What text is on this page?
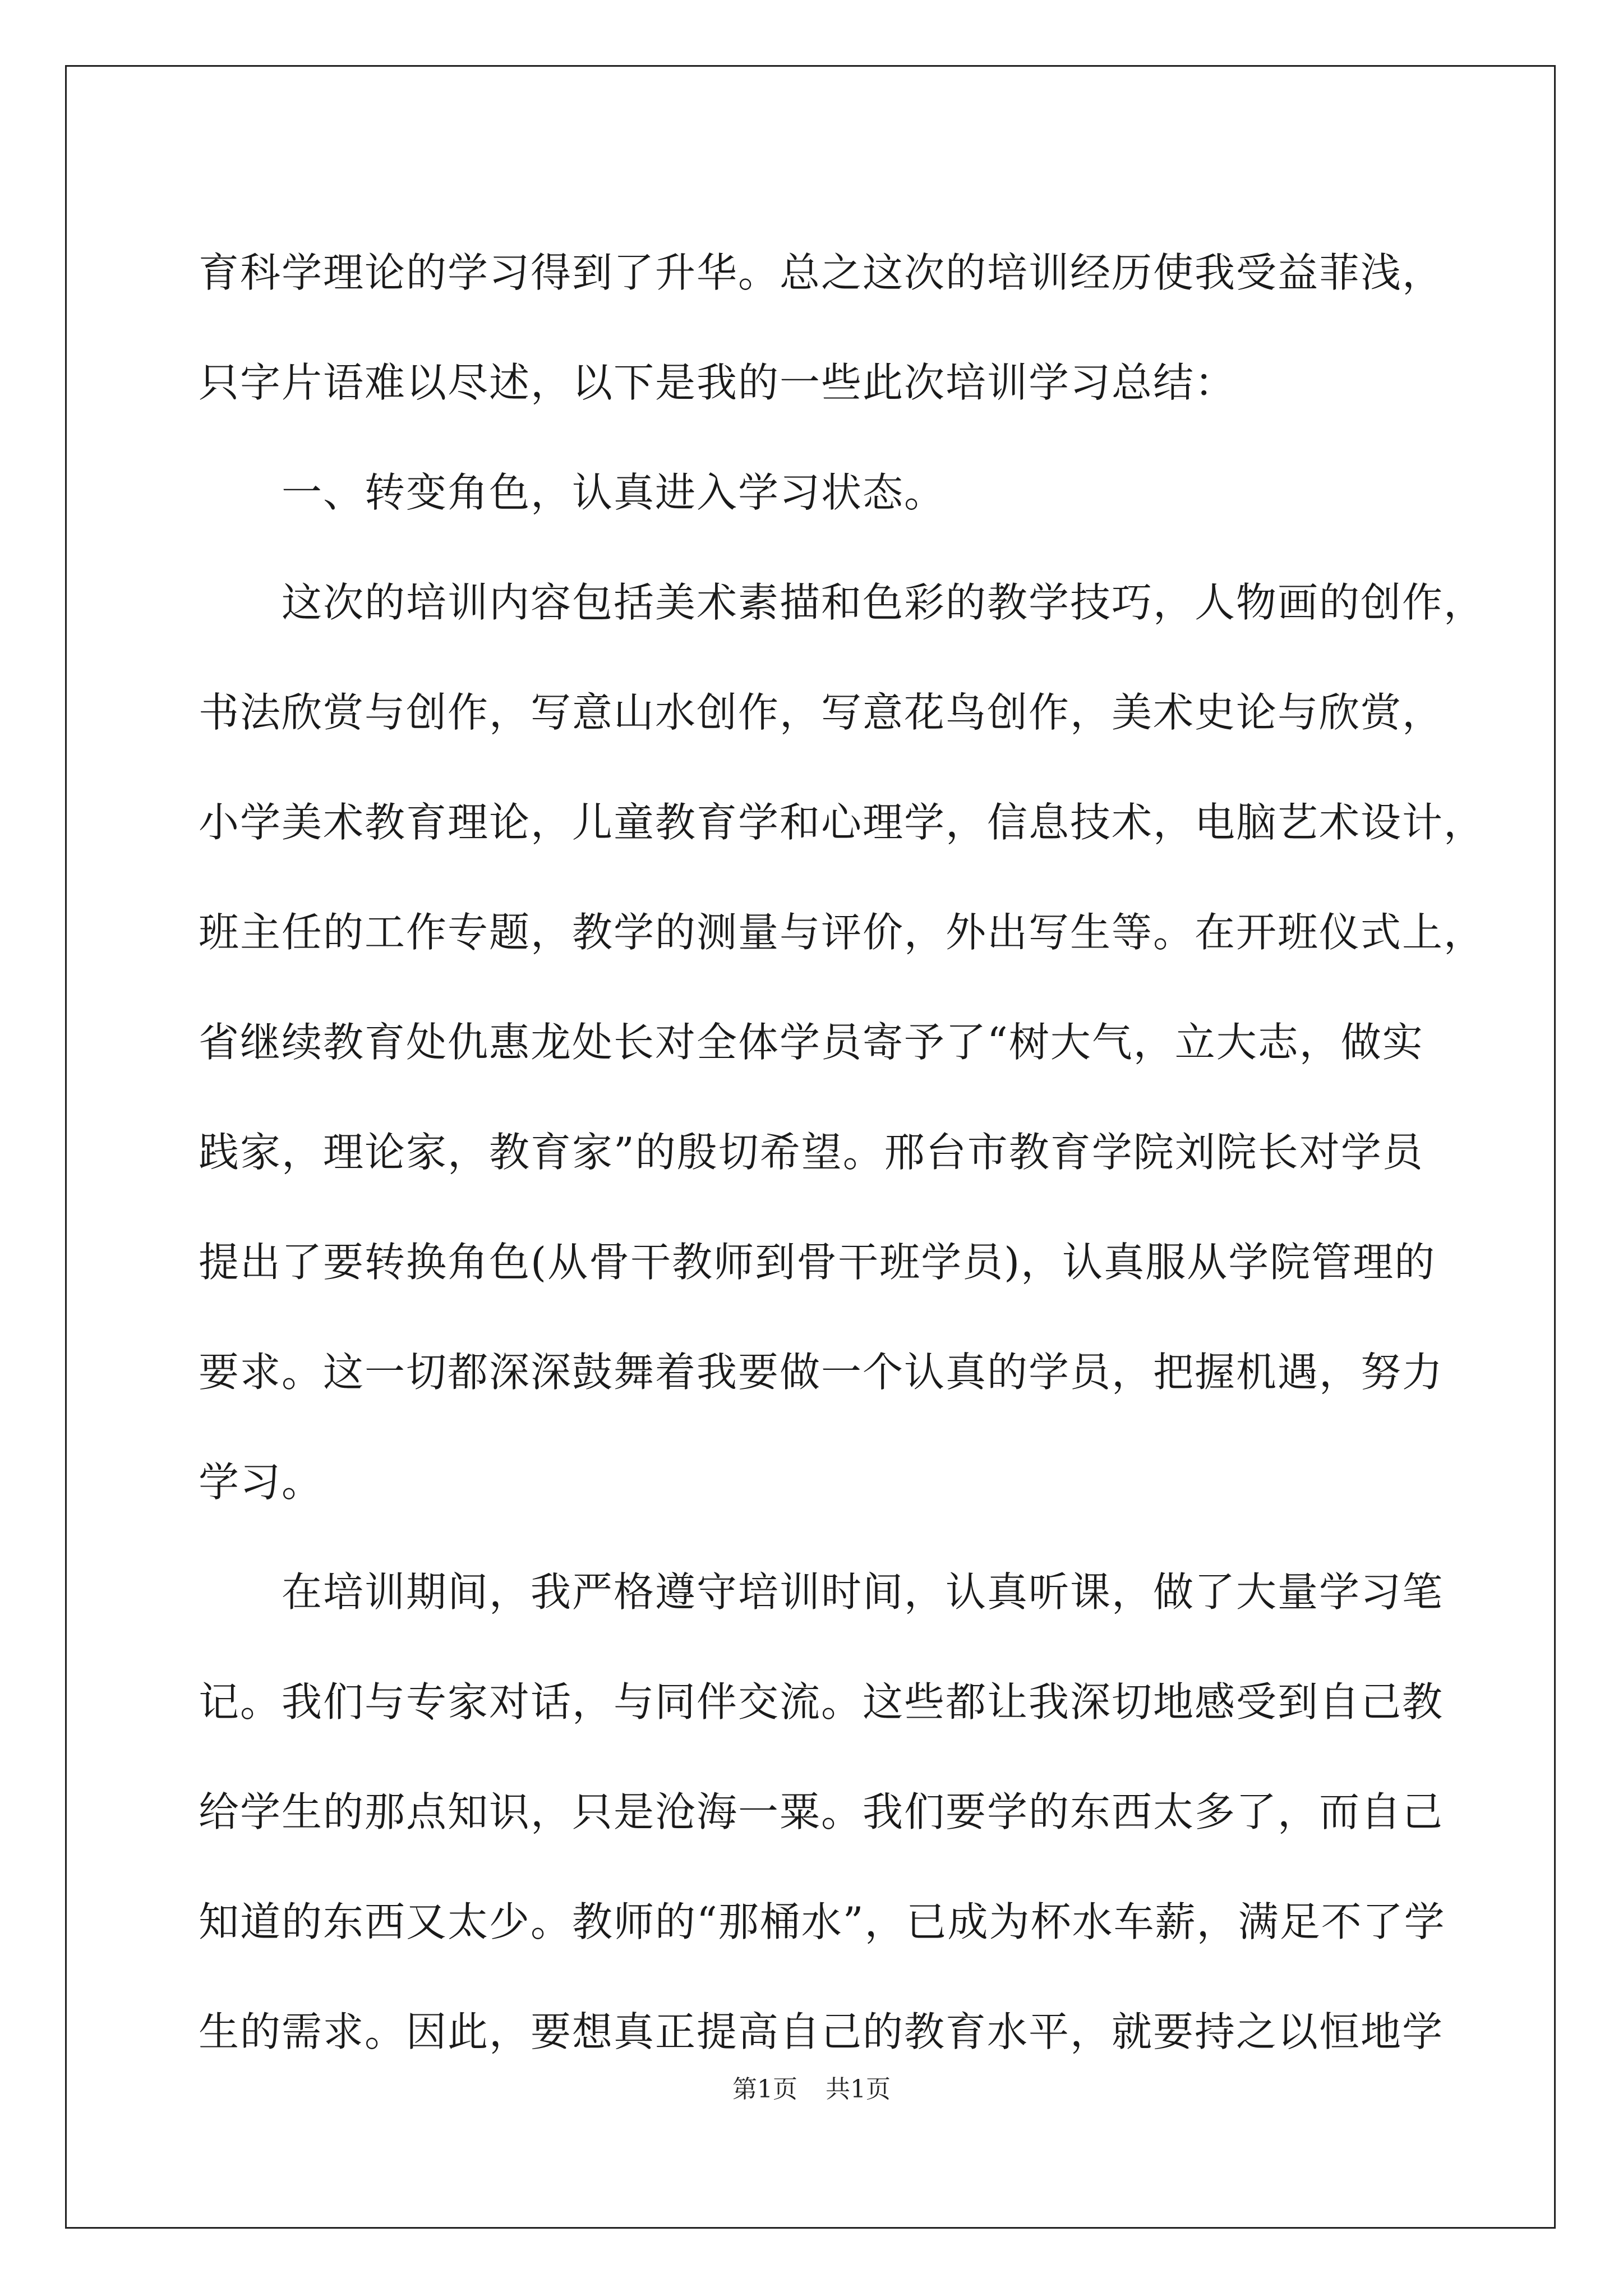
育科学理论的学习得到了升华。总之这次的培训经历使我受益菲浅，
只字片语难以尽述，以下是我的一些此次培训学习总结：
一、转变角色，认真进入学习状态。
这次的培训内容包括美术素描和色彩的教学技巧，人物画的创作，
书法欣赏与创作，写意山水创作，写意花鸟创作，美术史论与欣赏，
小学美术教育理论，儿童教育学和心理学，信息技术，电脑艺术设计，
班主任的工作专题，教学的测量与评价，外出写生等。在开班仪式上，
省继续教育处仇惠龙处长对全体学员寄予了“树大气，立大志，做实
践家，理论家，教育家”的殷切希望。邢台市教育学院刘院长对学员
提出了要转换角色(从骨干教师到骨干班学员)，认真服从学院管理的
要求。这一切都深深鼓舞着我要做一个认真的学员，把握机遇，努力
学习。
在培训期间，我严格遵守培训时间，认真听课，做了大量学习笔
记。我们与专家对话，与同伴交流。这些都让我深切地感受到自己教
给学生的那点知识，只是沧海一粟。我们要学的东西太多了，而自己
知道的东西又太少。教师的“那桶水”，已成为杯水车薪，满足不了学
生的需求。因此，要想真正提高自己的教育水平，就要持之以恒地学
第1页 共1页
